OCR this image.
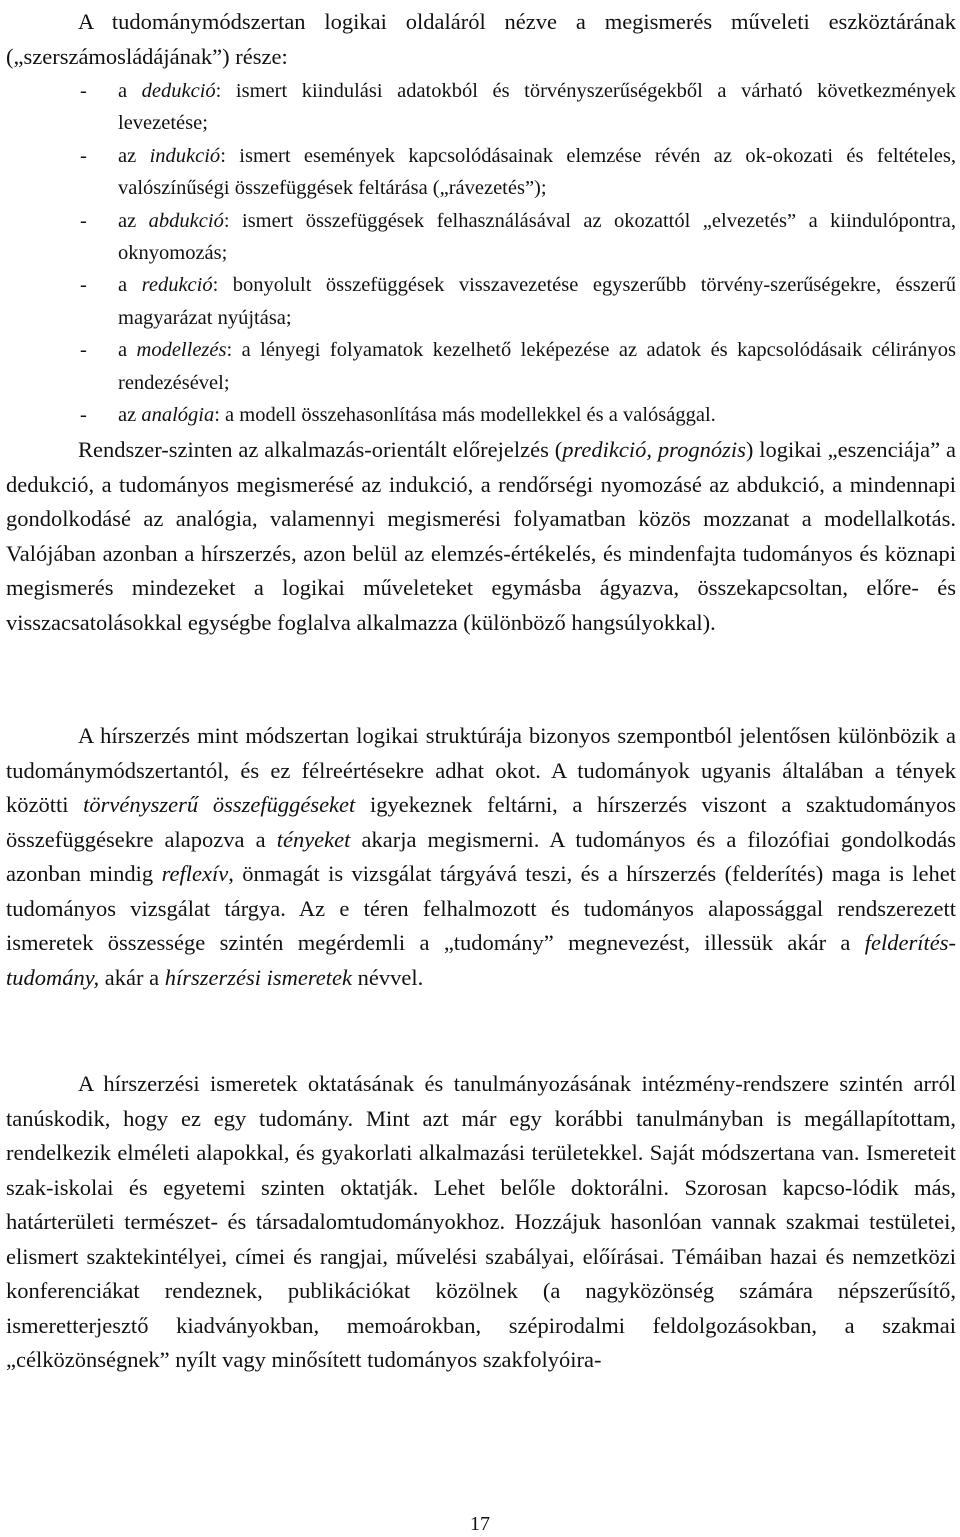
A tudománymódszertan logikai oldaláról nézve a megismerés műveleti eszköztárának („szerszámosládájának”) része:

- a dedukció: ismert kiindulási adatokból és törvényszerűségekből a várható következmények levezetése;
- az indukció: ismert események kapcsolódásainak elemzése révén az ok-okozati és feltételes, valószínűségi összefüggések feltárása („rávezetés”);
- az abdukció: ismert összefüggések felhasználásával az okozattól „elvezetés” a kiindulópontra, oknyomozás;
- a redukció: bonyolult összefüggések visszavezetése egyszerűbb törvény-szerűségekre, ésszerű magyarázat nyújtása;
- a modellezés: a lényegi folyamatok kezelhető leképezése az adatok és kapcsolódásaik célirányos rendezésével;
- az analógia: a modell összehasonlítása más modellekkel és a valósággal.

Rendszer-szinten az alkalmazás-orientált előrejelzés (predikció, prognózis) logikai „eszenciája” a dedukció, a tudományos megismerésé az indukció, a rendőrségi nyomozásé az abdukció, a mindennapi gondolkodásé az analógia, valamennyi megismerési folyamatban közös mozzanat a modellalkotás. Valójában azonban a hírszerzés, azon belül az elemzés-értékelés, és mindenfajta tudományos és köznapi megismerés mindezeket a logikai műveleteket egymásba ágyazva, összekapcsoltan, előre- és visszacsatolásokkal egységbe foglalva alkalmazza (különböző hangsúlyokkal).

A hírszerzés mint módszertan logikai struktúrája bizonyos szempontból jelentősen különbözik a tudománymódszertantól, és ez félreértésekre adhat okot. A tudományok ugyanis általában a tények közötti törvényszerű összefüggéseket igyekeznek feltárni, a hírszerzés viszont a szaktudományos összefüggésekre alapozva a tényeket akarja megismerni. A tudományos és a filozófiai gondolkodás azonban mindig reflexív, önmagát is vizsgálat tárgyává teszi, és a hírszerzés (felderítés) maga is lehet tudományos vizsgálat tárgya. Az e téren felhalmozott és tudományos alapossággal rendszerezett ismeretek összessége szintén megérdemli a „tudomány” megnevezést, illessük akár a felderítés-tudomány, akár a hírszerzési ismeretek névvel.

A hírszerzési ismeretek oktatásának és tanulmányozásának intézmény-rendszere szintén arról tanúskodik, hogy ez egy tudomány. Mint azt már egy korábbi tanulmányban is megállapítottam, rendelkezik elméleti alapokkal, és gyakorlati alkalmazási területekkel. Saját módszertana van. Ismereteit szak-iskolai és egyetemi szinten oktatják. Lehet belőle doktorálni. Szorosan kapcso-lódik más, határterületi természet- és társadalomtudományokhoz. Hozzájuk hasonlóan vannak szakmai testületei, elismert szaktekintélyei, címei és rangjai, művelési szabályai, előírásai. Témáiban hazai és nemzetközi konferenciákat rendeznek, publikációkat közölnek (a nagyközönség számára népszerűsítő, ismeretterjesztő kiadványokban, memoárokban, szépirodalmi feldolgozásokban, a szakmai „célközönségnek” nyílt vagy minősített tudományos szakfolyóira-

17
